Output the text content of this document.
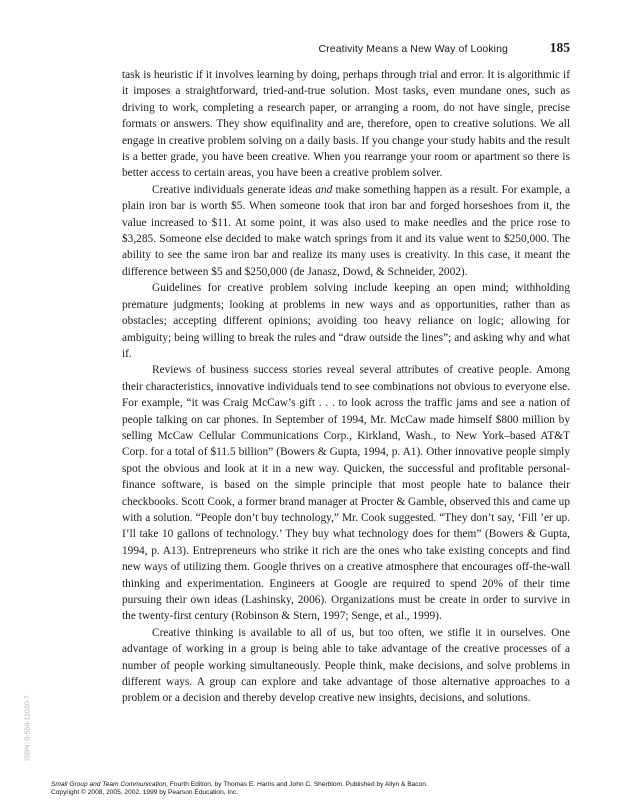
Creativity Means a New Way of Looking	185

task is heuristic if it involves learning by doing, perhaps through trial and error. It is algorithmic if it imposes a straightforward, tried-and-true solution. Most tasks, even mundane ones, such as driving to work, completing a research paper, or arranging a room, do not have single, precise formats or answers. They show equifinality and are, therefore, open to creative solutions. We all engage in creative problem solving on a daily basis. If you change your study habits and the result is a better grade, you have been creative. When you rearrange your room or apartment so there is better access to certain areas, you have been a creative problem solver.

Creative individuals generate ideas and make something happen as a result. For example, a plain iron bar is worth $5. When someone took that iron bar and forged horseshoes from it, the value increased to $11. At some point, it was also used to make needles and the price rose to $3,285. Someone else decided to make watch springs from it and its value went to $250,000. The ability to see the same iron bar and realize its many uses is creativity. In this case, it meant the difference between $5 and $250,000 (de Janasz, Dowd, & Schneider, 2002).

Guidelines for creative problem solving include keeping an open mind; withholding premature judgments; looking at problems in new ways and as opportunities, rather than as obstacles; accepting different opinions; avoiding too heavy reliance on logic; allowing for ambiguity; being willing to break the rules and “draw outside the lines”; and asking why and what if.

Reviews of business success stories reveal several attributes of creative people. Among their characteristics, innovative individuals tend to see combinations not obvious to everyone else. For example, “it was Craig McCaw’s gift . . . to look across the traffic jams and see a nation of people talking on car phones. In September of 1994, Mr. McCaw made himself $800 million by selling McCaw Cellular Communications Corp., Kirkland, Wash., to New York–based AT&T Corp. for a total of $11.5 billion” (Bowers & Gupta, 1994, p. A1). Other innovative people simply spot the obvious and look at it in a new way. Quicken, the successful and profitable personal-finance software, is based on the simple principle that most people hate to balance their checkbooks. Scott Cook, a former brand manager at Procter & Gamble, observed this and came up with a solution. “People don’t buy technology,” Mr. Cook suggested. “They don’t say, ‘Fill ’er up. I’ll take 10 gallons of technology.’ They buy what technology does for them” (Bowers & Gupta, 1994, p. A13). Entrepreneurs who strike it rich are the ones who take existing concepts and find new ways of utilizing them. Google thrives on a creative atmosphere that encourages off-the-wall thinking and experimentation. Engineers at Google are required to spend 20% of their time pursuing their own ideas (Lashinsky, 2006). Organizations must be create in order to survive in the twenty-first century (Robinson & Stern, 1997; Senge, et al., 1999).

Creative thinking is available to all of us, but too often, we stifle it in ourselves. One advantage of working in a group is being able to take advantage of the creative processes of a number of people working simultaneously. People think, make decisions, and solve problems in different ways. A group can explore and take advantage of those alternative approaches to a problem or a decision and thereby develop creative new insights, decisions, and solutions.

ISBN: 0-558-11030-7
Small Group and Team Communication, Fourth Edition, by Thomas E. Harris and John C. Sherblom. Published by Allyn & Bacon.
Copyright © 2008, 2005, 2002, 1999 by Pearson Education, Inc.
